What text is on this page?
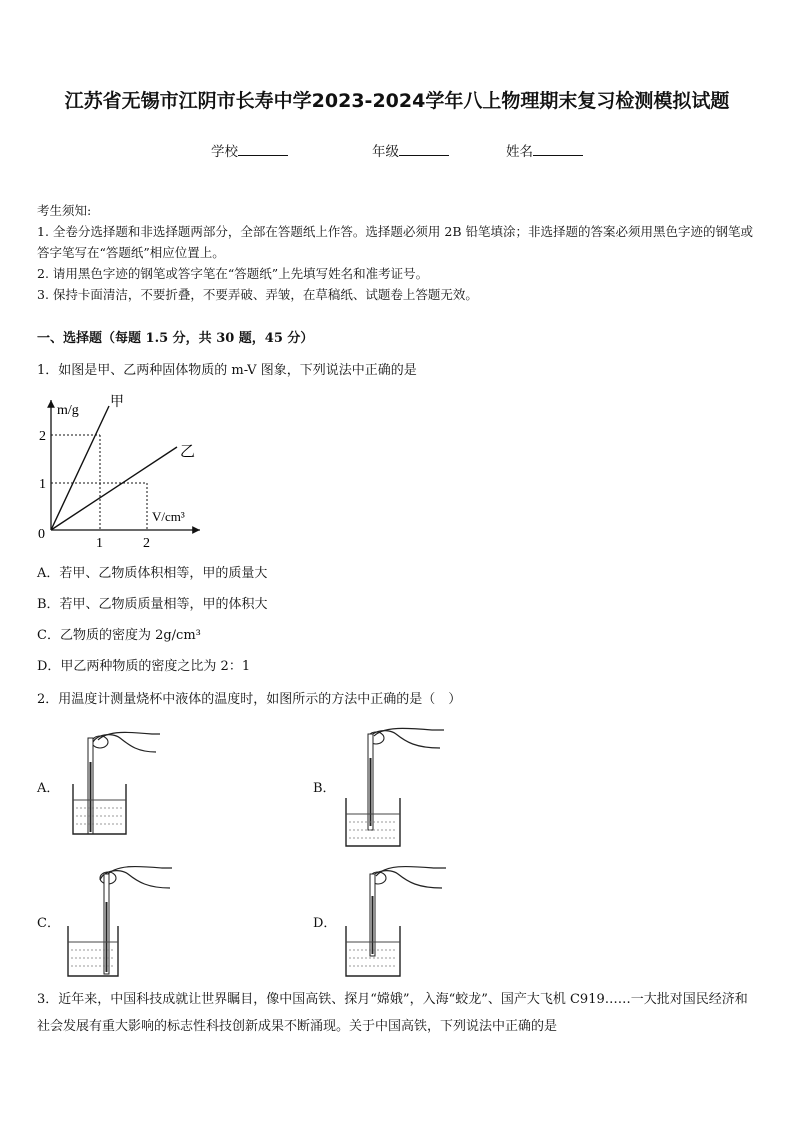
江苏省无锡市江阴市长寿中学2023-2024学年八上物理期末复习检测模拟试题
学校	年级	姓名

考生须知:

1. 全卷分选择题和非选择题两部分，全部在答题纸上作答。选择题必须用 2B 铅笔填涂；非选择题的答案必须用黑色字迹的钢笔或答字笔写在“答题纸”相应位置上。

2. 请用黑色字迹的钢笔或答字笔在“答题纸”上先填写姓名和准考证号。

3. 保持卡面清洁，不要折叠，不要弄破、弄皱，在草稿纸、试题卷上答题无效。

一、选择题（每题 1.5 分，共 30 题，45 分）
1．如图是甲、乙两种固体物质的 m-V 图象，下列说法中正确的是
m/g
甲
乙
V/cm³
2
1
0
1	2
A．若甲、乙物质体积相等，甲的质量大
B．若甲、乙物质质量相等，甲的体积大
C．乙物质的密度为 2g/cm³
D．甲乙两种物质的密度之比为 2：1
2．用温度计测量烧杯中液体的温度时，如图所示的方法中正确的是（　）
A．	B．
C．	D．
3．近年来，中国科技成就让世界瞩目，像中国高铁、探月“嫦娥”，入海“蛟龙”、国产大飞机 C919……一大批对国民经济和社会发展有重大影响的标志性科技创新成果不断涌现。关于中国高铁，下列说法中正确的是
